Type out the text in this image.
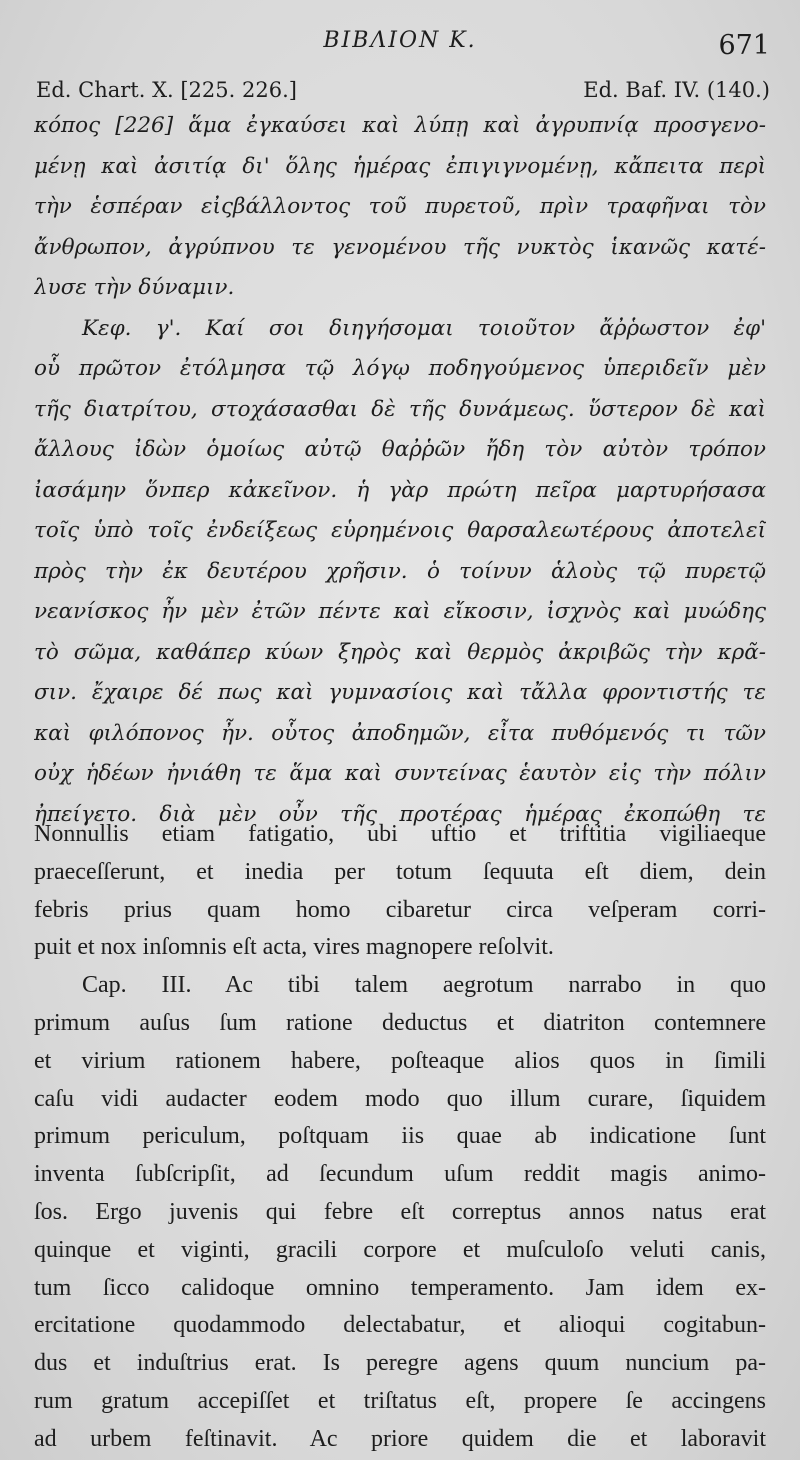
ΒΙΒΛΙΟΝ Κ.	671
Ed. Chart. X. [225. 226.]	Ed. Baf. IV. (140.)
κόπος [226] ἅμα ἐγκαύσει καὶ λύπῃ καὶ ἀγρυπνίᾳ προσγενο-
μένῃ καὶ ἀσιτίᾳ δι' ὅλης ἡμέρας ἐπιγιγνομένῃ, κἄπειτα περὶ
τὴν ἑσπέραν εἰςβάλλοντος τοῦ πυρετοῦ, πρὶν τραφῆναι τὸν
ἄνθρωπον, ἀγρύπνου τε γενομένου τῆς νυκτὸς ἱκανῶς κατέ-
λυσε τὴν δύναμιν.
Κεφ. γ'. Καί σοι διηγήσομαι τοιοῦτον ἄῤῥωστον ἐφ'
οὗ πρῶτον ἐτόλμησα τῷ λόγῳ ποδηγούμενος ὑπεριδεῖν μὲν
τῆς διατρίτου, στοχάσασθαι δὲ τῆς δυνάμεως. ὕστερον δὲ καὶ
ἄλλους ἰδὼν ὁμοίως αὐτῷ θαῤῥῶν ἤδη τὸν αὐτὸν τρόπον
ἰασάμην ὅνπερ κἀκεῖνον. ἡ γὰρ πρώτη πεῖρα μαρτυρήσασα
τοῖς ὑπὸ τοῖς ἐνδείξεως εὑρημένοις θαρσαλεωτέρους ἀποτελεῖ
πρὸς τὴν ἐκ δευτέρου χρῆσιν. ὁ τοίνυν ἁλοὺς τῷ πυρετῷ
νεανίσκος ἦν μὲν ἐτῶν πέντε καὶ εἴκοσιν, ἰσχνὸς καὶ μυώδης
τὸ σῶμα, καθάπερ κύων ξηρὸς καὶ θερμὸς ἀκριβῶς τὴν κρᾶ-
σιν. ἔχαιρε δέ πως καὶ γυμνασίοις καὶ τἄλλα φροντιστής τε
καὶ φιλόπονος ἦν. οὗτος ἀποδημῶν, εἶτα πυθόμενός τι τῶν
οὐχ ἡδέων ἠνιάθη τε ἅμα καὶ συντείνας ἑαυτὸν εἰς τὴν πόλιν
ἠπείγετο. διὰ μὲν οὖν τῆς προτέρας ἡμέρας ἐκοπώθη τε
Nonnullis etiam fatigatio, ubi uftio et triftitia vigiliaeque
praeceſſerunt, et inedia per totum ſequuta eſt diem, dein
febris prius quam homo cibaretur circa veſperam corri-
puit et nox inſomnis eſt acta, vires magnopere reſolvit.
Cap. III. Ac tibi talem aegrotum narrabo in quo
primum auſus ſum ratione deductus et diatriton contemnere
et virium rationem habere, poſteaque alios quos in ſimili
caſu vidi audacter eodem modo quo illum curare, ſiquidem
primum periculum, poſtquam iis quae ab indicatione ſunt
inventa ſubſcripſit, ad ſecundum uſum reddit magis animo-
ſos. Ergo juvenis qui febre eſt correptus annos natus erat
quinque et viginti, gracili corpore et muſculoſo veluti canis,
tum ſicco calidoque omnino temperamento. Jam idem ex-
ercitatione quodammodo delectabatur, et alioqui cogitabun-
dus et induſtrius erat. Is peregre agens quum nuncium pa-
rum gratum accepiſſet et triſtatus eſt, propere ſe accingens
ad urbem feſtinavit. Ac priore quidem die et laboravit
